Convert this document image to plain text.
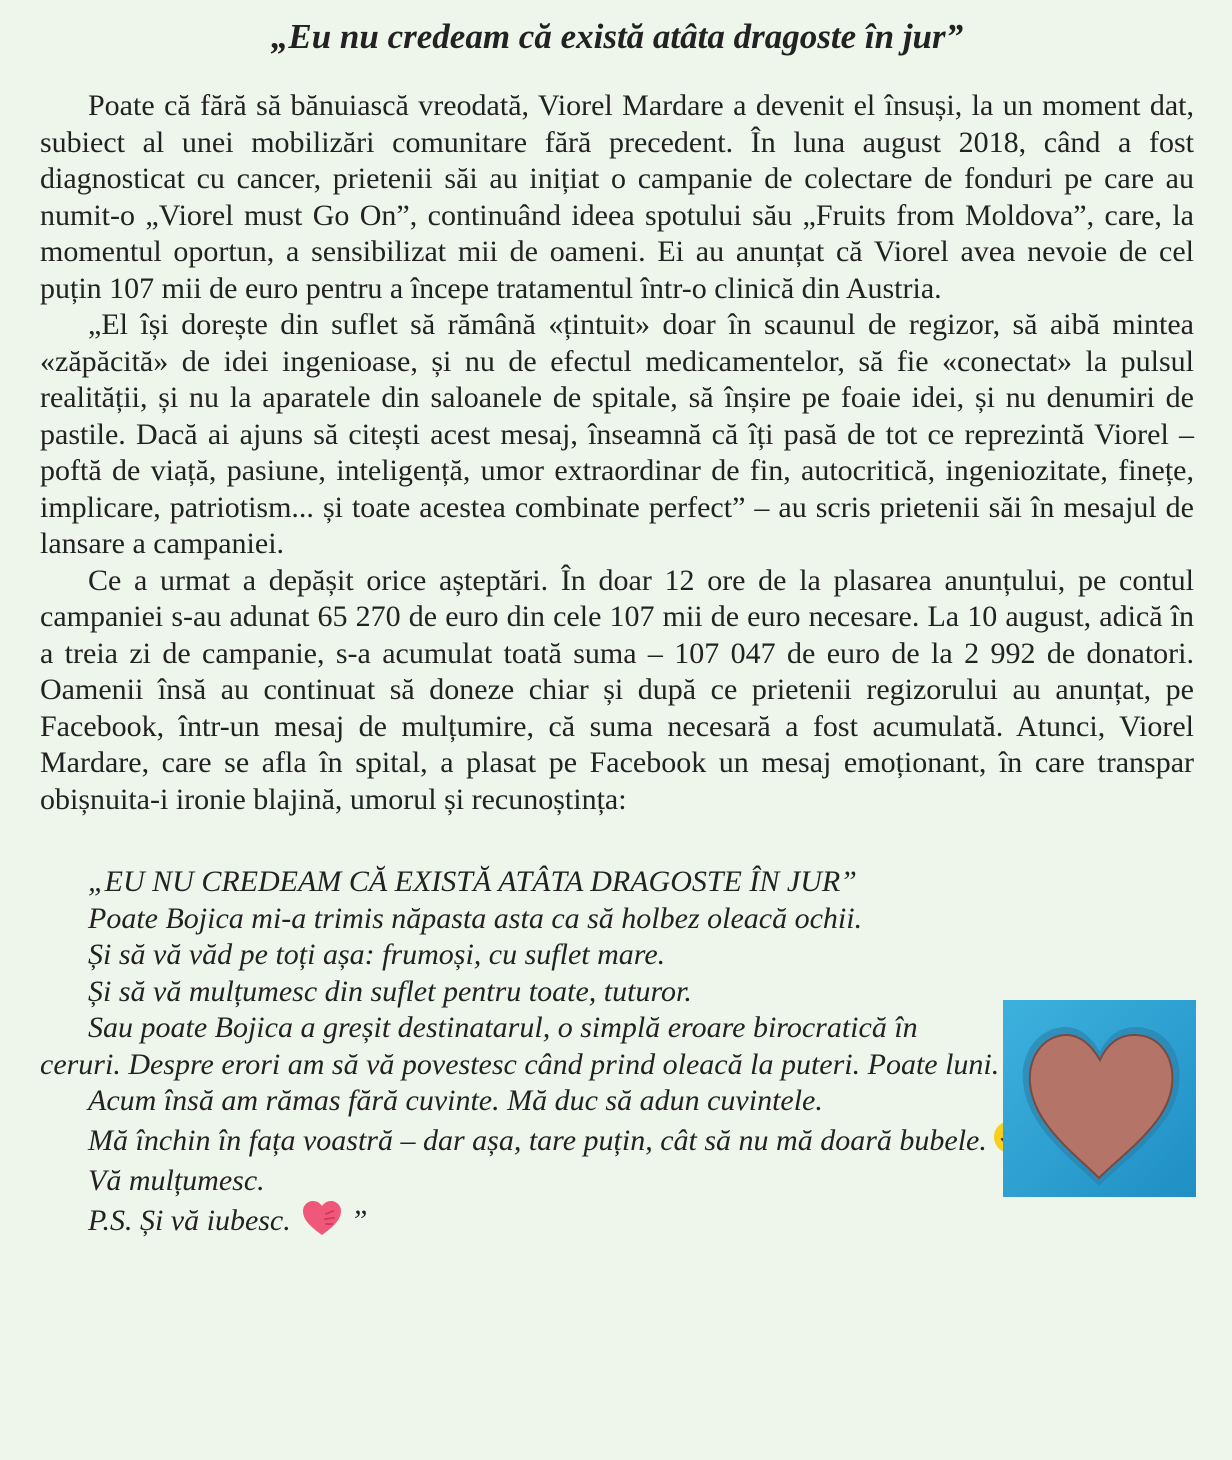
„Eu nu credeam că există atâta dragoste în jur”

Poate că fără să bănuiască vreodată, Viorel Mardare a devenit el însuși, la un moment dat, subiect al unei mobilizări comunitare fără precedent. În luna august 2018, când a fost diagnosticat cu cancer, prietenii săi au inițiat o campanie de colectare de fonduri pe care au numit-o „Viorel must Go On”, continuând ideea spotului său „Fruits from Moldova”, care, la momentul oportun, a sensibilizat mii de oameni. Ei au anunțat că Viorel avea nevoie de cel puțin 107 mii de euro pentru a începe tratamentul într-o clinică din Austria.

„El își dorește din suflet să rămână «țintuit» doar în scaunul de regizor, să aibă mintea «zăpăcită» de idei ingenioase, și nu de efectul medicamentelor, să fie «conectat» la pulsul realității, și nu la aparatele din saloanele de spitale, să înșire pe foaie idei, și nu denumiri de pastile. Dacă ai ajuns să citești acest mesaj, înseamnă că îți pasă de tot ce reprezintă Viorel – poftă de viață, pasiune, inteligență, umor extraordinar de fin, autocritică, ingeniozitate, finețe, implicare, patriotism... și toate acestea combinate perfect” – au scris prietenii săi în mesajul de lansare a campaniei.

Ce a urmat a depășit orice așteptări. În doar 12 ore de la plasarea anunțului, pe contul campaniei s-au adunat 65 270 de euro din cele 107 mii de euro necesare. La 10 august, adică în a treia zi de campanie, s-a acumulat toată suma – 107 047 de euro de la 2 992 de donatori. Oamenii însă au continuat să doneze chiar și după ce prietenii regizorului au anunțat, pe Facebook, într-un mesaj de mulțumire, că suma necesară a fost acumulată. Atunci, Viorel Mardare, care se afla în spital, a plasat pe Facebook un mesaj emoționant, în care transpar obișnuita-i ironie blajină, umorul și recunoștința:

„EU NU CREDEAM CĂ EXISTĂ ATÂTA DRAGOSTE ÎN JUR”
Poate Bojica mi-a trimis năpasta asta ca să holbez oleacă ochii.
Și să vă văd pe toți așa: frumoși, cu suflet mare.
Și să vă mulțumesc din suflet pentru toate, tuturor.
Sau poate Bojica a greșit destinatarul, o simplă eroare birocratică în
ceruri. Despre erori am să vă povestesc când prind oleacă la puteri. Poate luni.
Acum însă am rămas fără cuvinte. Mă duc să adun cuvintele.
Mă închin în fața voastră – dar așa, tare puțin, cât să nu mă doară bubele.
Vă mulțumesc.
P.S. Și vă iubesc. ”
